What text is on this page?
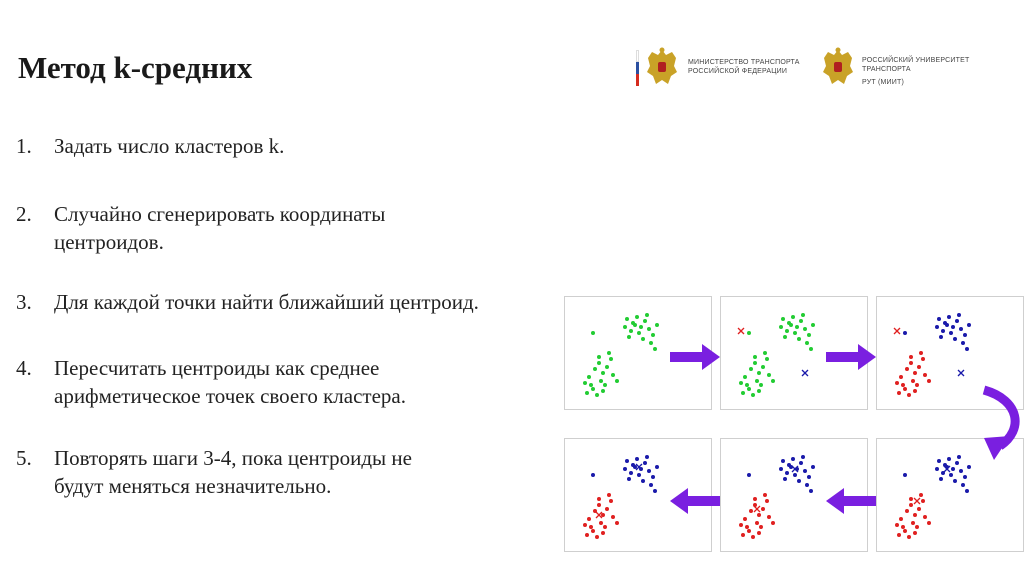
Метод k-средних
1. Задать число кластеров k.
2. Случайно сгенерировать координаты
центроидов.
3. Для каждой точки найти ближайший центроид.
4. Пересчитать центроиды как среднее
арифметическое точек своего кластера.
5. Повторять шаги 3-4, пока центроиды не
будут меняться незначительно.
МИНИСТЕРСТВО ТРАНСПОРТА
РОССИЙСКОЙ ФЕДЕРАЦИИ
РОССИЙСКИЙ УНИВЕРСИТЕТ
ТРАНСПОРТА
РУТ (МИИТ)
